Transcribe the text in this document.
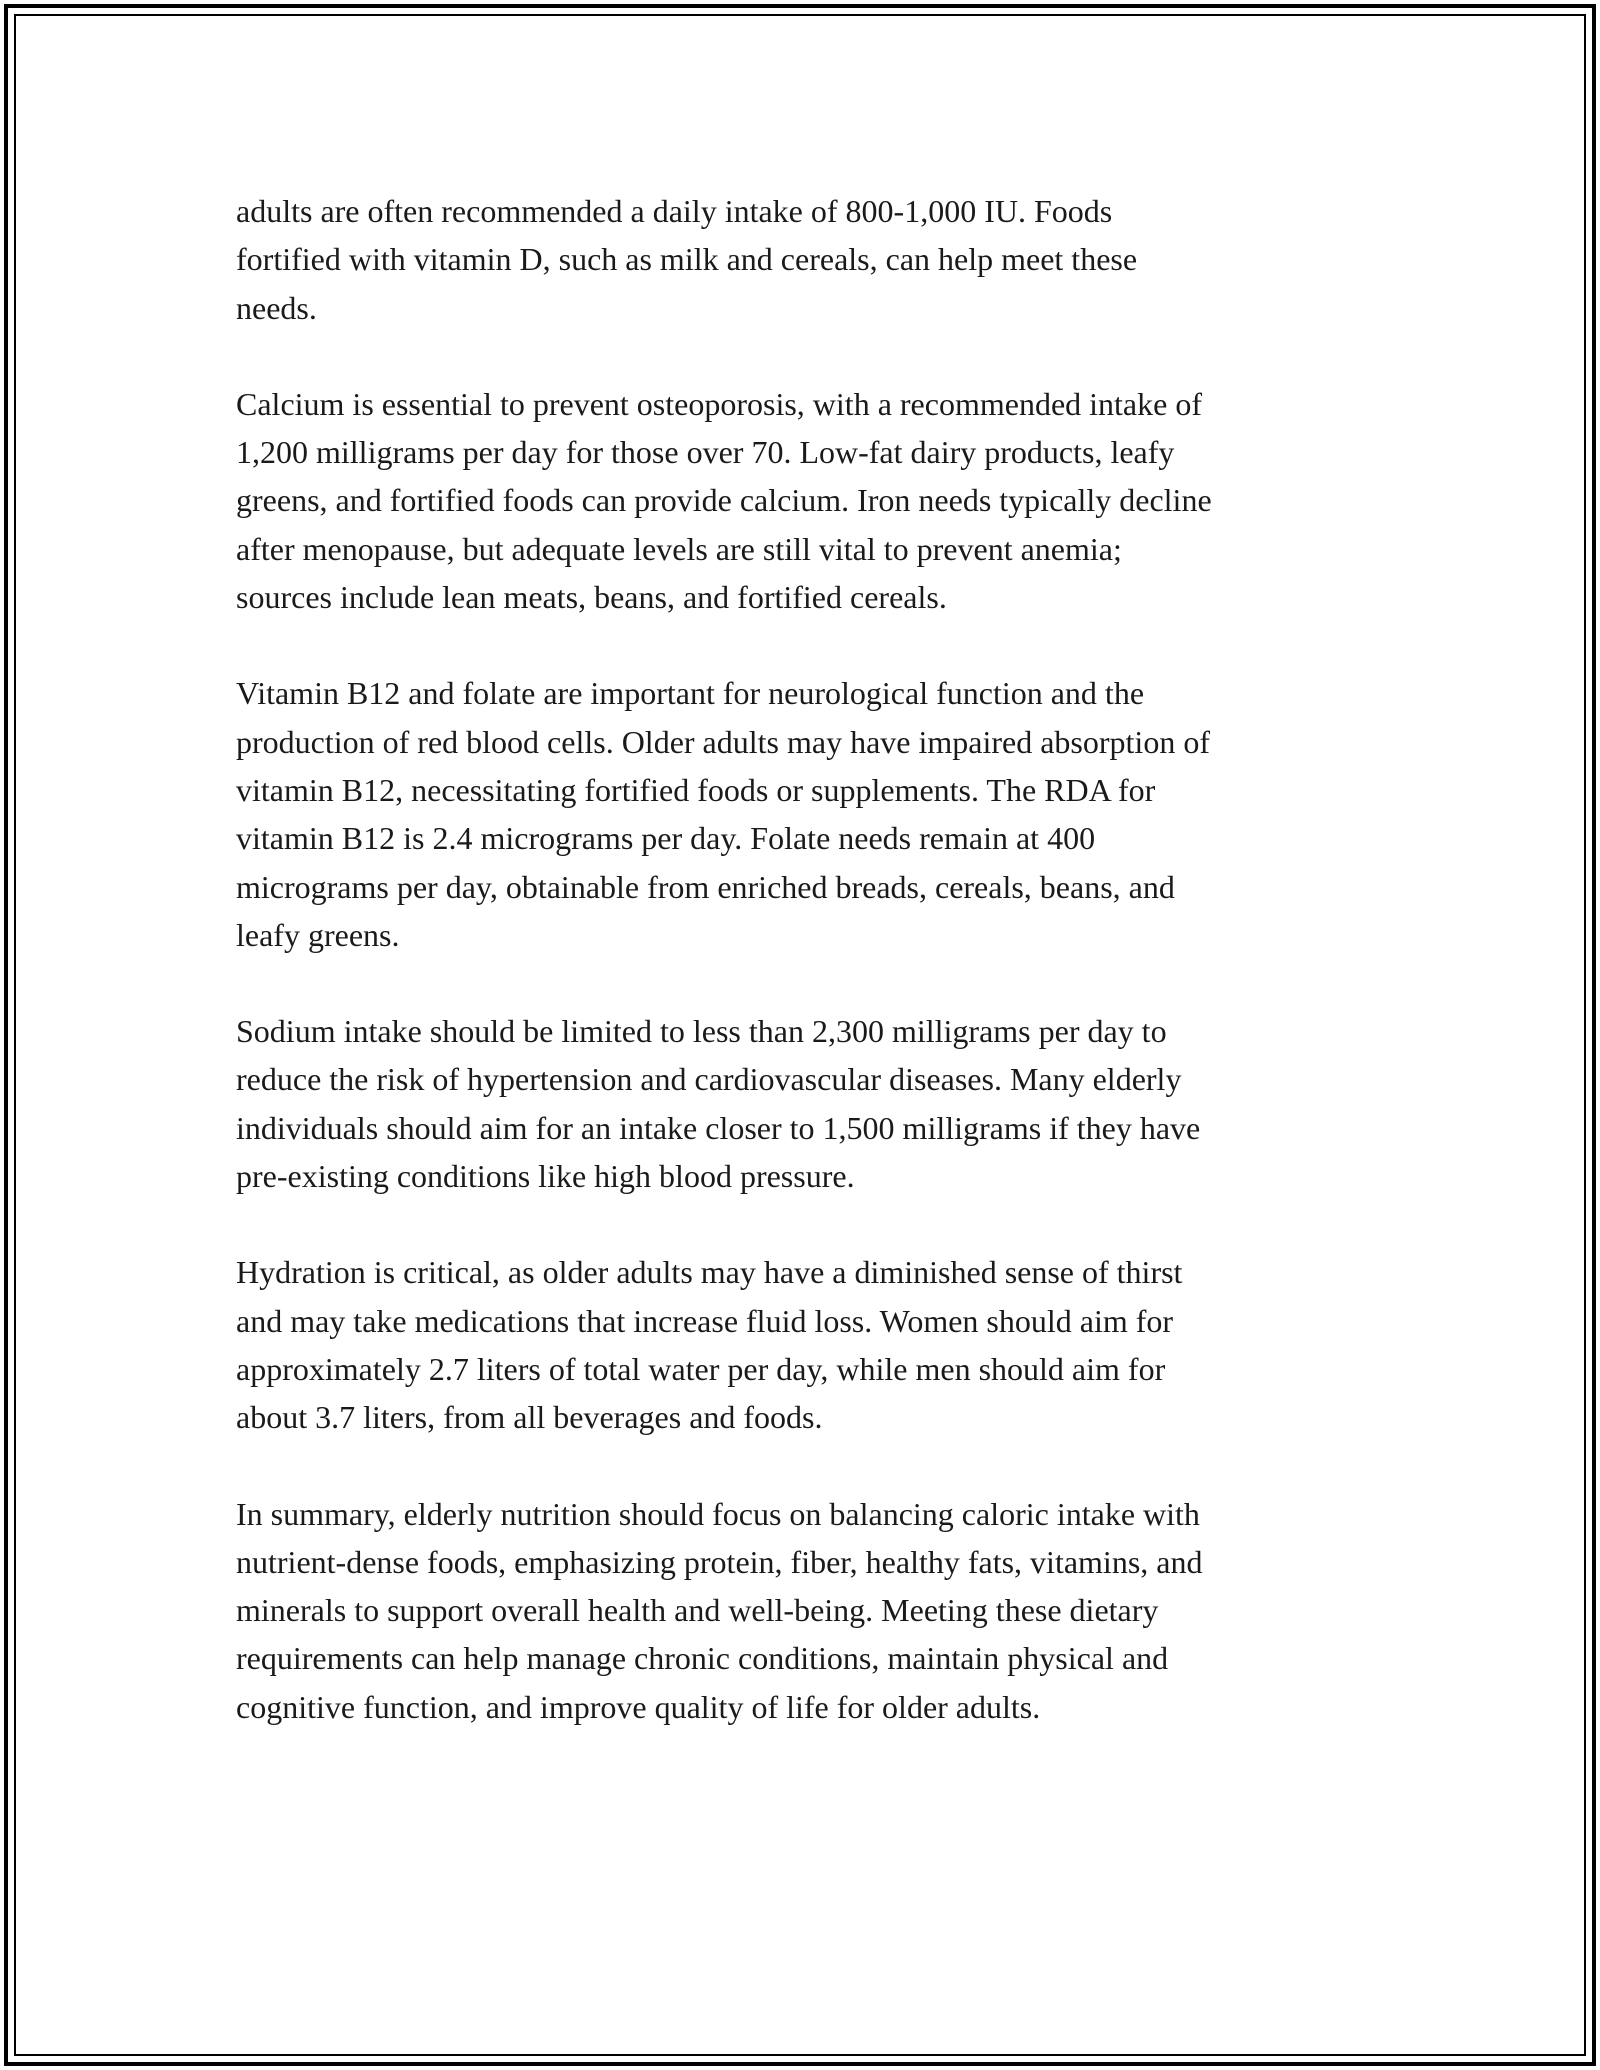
adults are often recommended a daily intake of 800-1,000 IU. Foods
fortified with vitamin D, such as milk and cereals, can help meet these
needs.

Calcium is essential to prevent osteoporosis, with a recommended intake of
1,200 milligrams per day for those over 70. Low-fat dairy products, leafy
greens, and fortified foods can provide calcium. Iron needs typically decline
after menopause, but adequate levels are still vital to prevent anemia;
sources include lean meats, beans, and fortified cereals.

Vitamin B12 and folate are important for neurological function and the
production of red blood cells. Older adults may have impaired absorption of
vitamin B12, necessitating fortified foods or supplements. The RDA for
vitamin B12 is 2.4 micrograms per day. Folate needs remain at 400
micrograms per day, obtainable from enriched breads, cereals, beans, and
leafy greens.

Sodium intake should be limited to less than 2,300 milligrams per day to
reduce the risk of hypertension and cardiovascular diseases. Many elderly
individuals should aim for an intake closer to 1,500 milligrams if they have
pre-existing conditions like high blood pressure.

Hydration is critical, as older adults may have a diminished sense of thirst
and may take medications that increase fluid loss. Women should aim for
approximately 2.7 liters of total water per day, while men should aim for
about 3.7 liters, from all beverages and foods.

In summary, elderly nutrition should focus on balancing caloric intake with
nutrient-dense foods, emphasizing protein, fiber, healthy fats, vitamins, and
minerals to support overall health and well-being. Meeting these dietary
requirements can help manage chronic conditions, maintain physical and
cognitive function, and improve quality of life for older adults.
